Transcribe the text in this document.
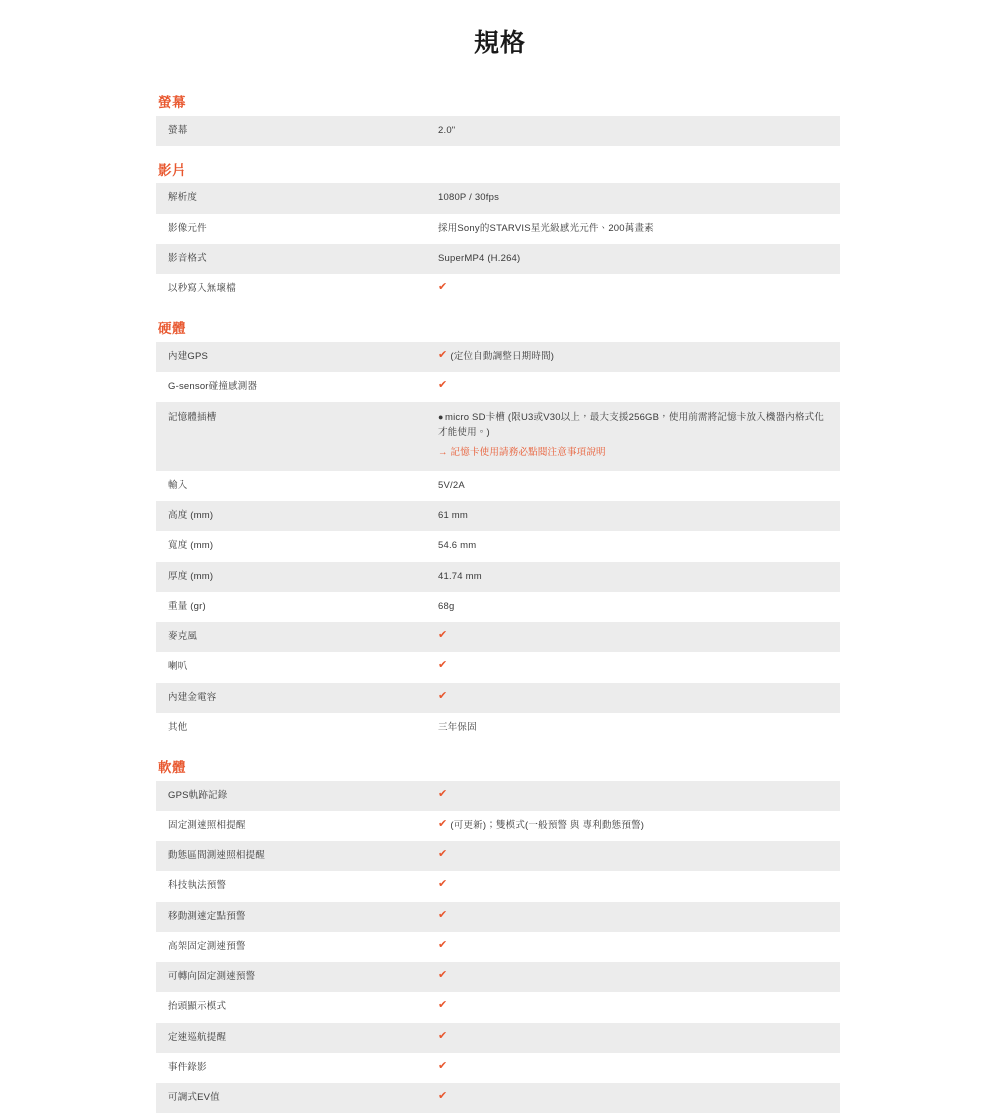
規格
螢幕
螢幕	2.0"
影片
解析度	1080P / 30fps
影像元件	採用Sony的STARVIS星光級感光元件、200萬畫素
影音格式	SuperMP4 (H.264)
以秒寫入無壞檔	✔
硬體
內建GPS	✔ (定位自動調整日期時間)
G-sensor碰撞感測器	✔
記憶體插槽	●micro SD卡槽 (限U3或V30以上，最大支援256GB，使用前需將記憶卡放入機器內格式化才能使用。)
→ 記憶卡使用請務必點閱注意事項說明

輸入	5V/2A
高度 (mm)	61 mm
寬度 (mm)	54.6 mm
厚度 (mm)	41.74 mm
重量 (gr)	68g
麥克風	✔
喇叭	✔
內建金電容	✔
其他	三年保固
軟體
GPS軌跡記錄	✔
固定測速照相提醒	✔ (可更新)；雙模式(一般預警 與 專利動態預警)
動態區間測速照相提醒	✔
科技執法預警	✔
移動測速定點預警	✔
高架固定測速預警	✔
可轉向固定測速預警	✔
抬頭顯示模式	✔
定速巡航提醒	✔
事件錄影	✔
可調式EV值	✔
